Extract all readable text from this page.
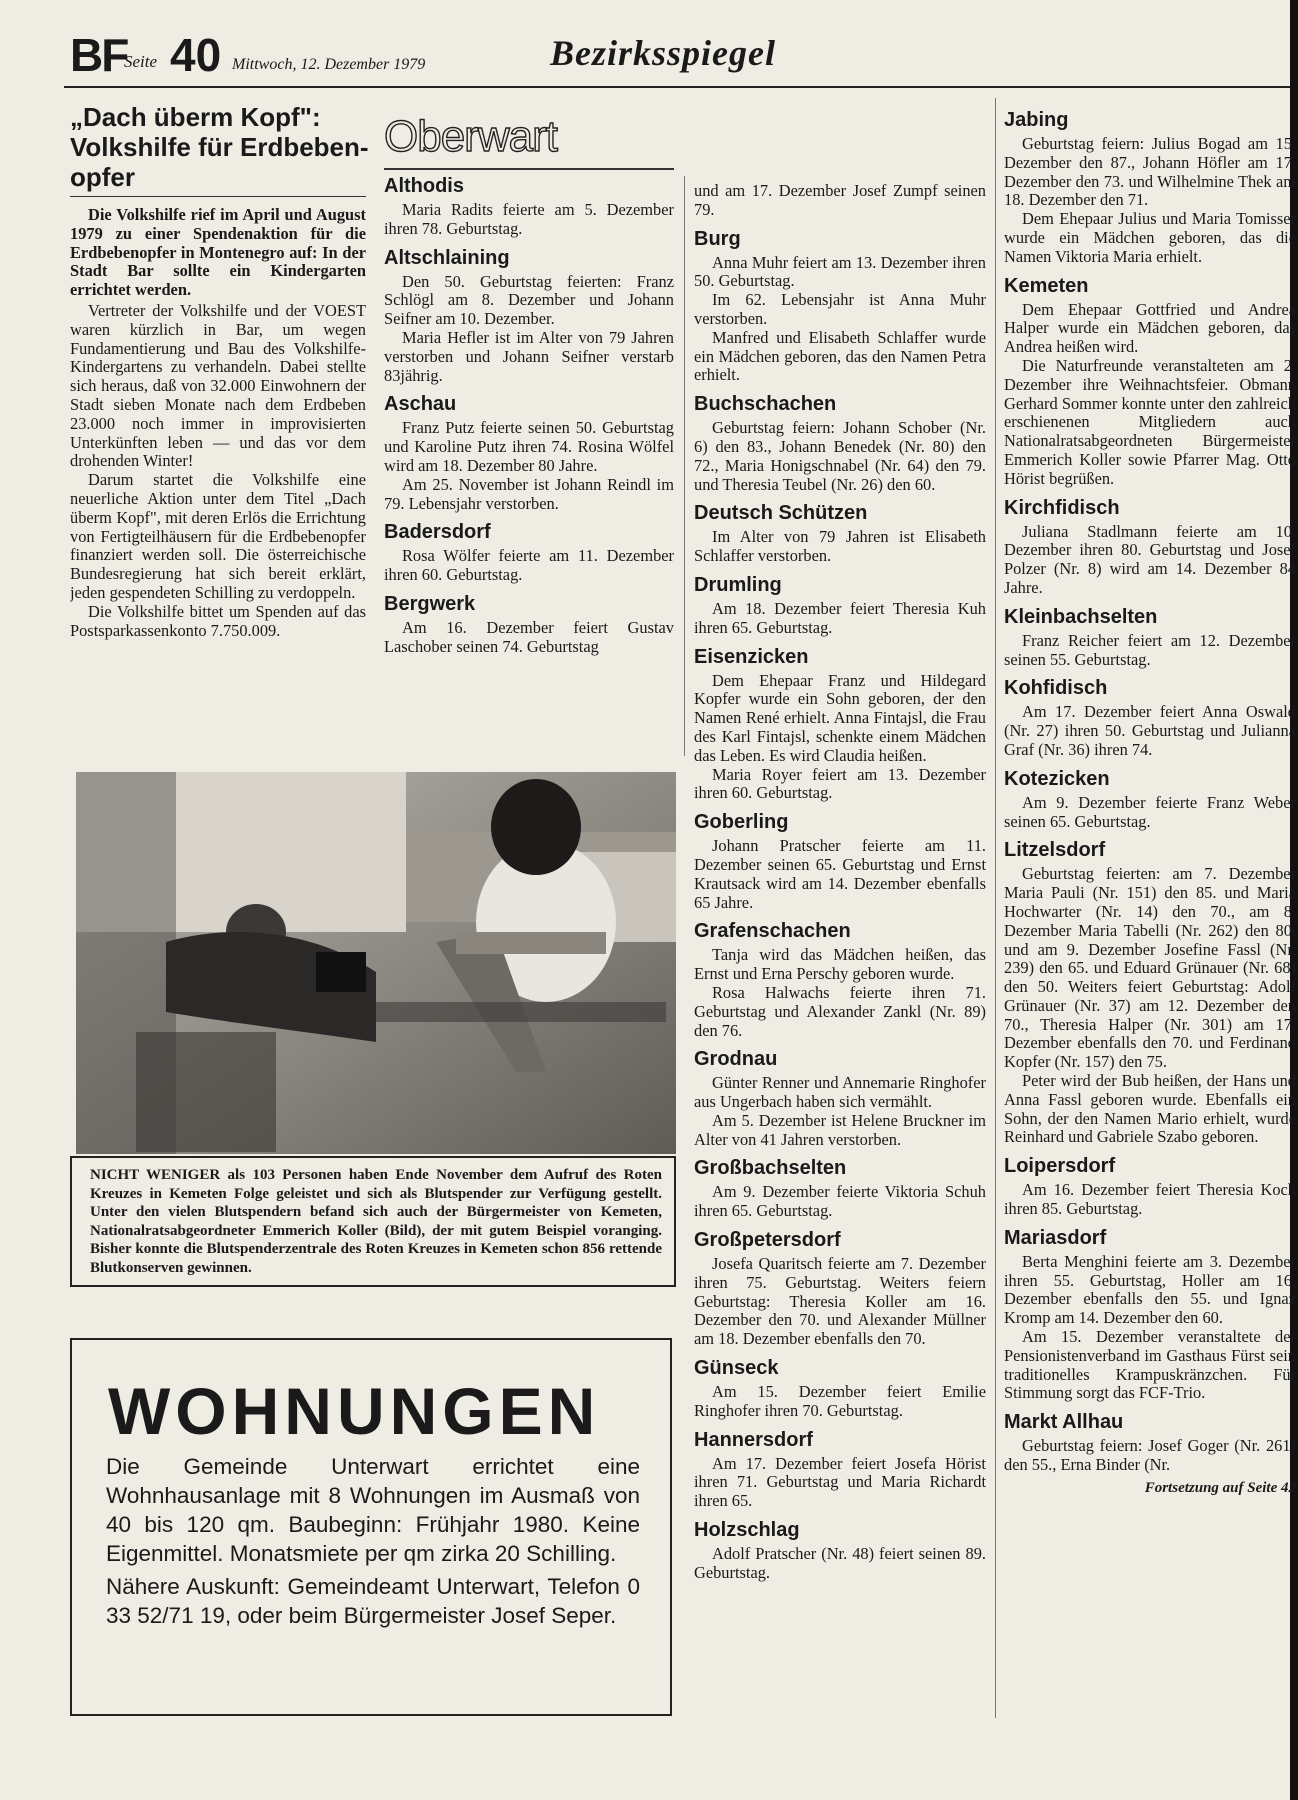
BF
Seite 40 Mittwoch, 12. Dezember 1979	Bezirksspiegel
„Dach überm Kopf": Volkshilfe für Erdbeben-opfer

Die Volkshilfe rief im April und August 1979 zu einer Spendenaktion für die Erdbebenopfer in Montenegro auf: In der Stadt Bar sollte ein Kindergarten errichtet werden.

Vertreter der Volkshilfe und der VOEST waren kürzlich in Bar, um wegen Fundamentierung und Bau des Volkshilfe-Kindergartens zu verhandeln. Dabei stellte sich heraus, daß von 32.000 Einwohnern der Stadt sieben Monate nach dem Erdbeben 23.000 noch immer in improvisierten Unterkünften leben — und das vor dem drohenden Winter!

Darum startet die Volkshilfe eine neuerliche Aktion unter dem Titel „Dach überm Kopf", mit deren Erlös die Errichtung von Fertigteilhäusern für die Erdbebenopfer finanziert werden soll. Die österreichische Bundesregierung hat sich bereit erklärt, jeden gespendeten Schilling zu verdoppeln.

Die Volkshilfe bittet um Spenden auf das Postsparkassenkonto 7.750.009.

Oberwart
Althodis

Maria Radits feierte am 5. Dezember ihren 78. Geburtstag.

Altschlaining

Den 50. Geburtstag feierten: Franz Schlögl am 8. Dezember und Johann Seifner am 10. Dezember.

Maria Hefler ist im Alter von 79 Jahren verstorben und Johann Seifner verstarb 83jährig.

Aschau

Franz Putz feierte seinen 50. Geburtstag und Karoline Putz ihren 74. Rosina Wölfel wird am 18. Dezember 80 Jahre.

Am 25. November ist Johann Reindl im 79. Lebensjahr verstorben.

Badersdorf

Rosa Wölfer feierte am 11. Dezember ihren 60. Geburtstag.

Bergwerk

Am 16. Dezember feiert Gustav Laschober seinen 74. Geburtstag

und am 17. Dezember Josef Zumpf seinen 79.

Burg

Anna Muhr feiert am 13. Dezember ihren 50. Geburtstag.

Im 62. Lebensjahr ist Anna Muhr verstorben.

Manfred und Elisabeth Schlaffer wurde ein Mädchen geboren, das den Namen Petra erhielt.

Buchschachen

Geburtstag feiern: Johann Schober (Nr. 6) den 83., Johann Benedek (Nr. 80) den 72., Maria Honigschnabel (Nr. 64) den 79. und Theresia Teubel (Nr. 26) den 60.

Deutsch Schützen

Im Alter von 79 Jahren ist Elisabeth Schlaffer verstorben.

Drumling

Am 18. Dezember feiert Theresia Kuh ihren 65. Geburtstag.

Eisenzicken

Dem Ehepaar Franz und Hildegard Kopfer wurde ein Sohn geboren, der den Namen René erhielt. Anna Fintajsl, die Frau des Karl Fintajsl, schenkte einem Mädchen das Leben. Es wird Claudia heißen.

Maria Royer feiert am 13. Dezember ihren 60. Geburtstag.

Goberling

Johann Pratscher feierte am 11. Dezember seinen 65. Geburtstag und Ernst Krautsack wird am 14. Dezember ebenfalls 65 Jahre.

Grafenschachen

Tanja wird das Mädchen heißen, das Ernst und Erna Perschy geboren wurde.

Rosa Halwachs feierte ihren 71. Geburtstag und Alexander Zankl (Nr. 89) den 76.

Grodnau

Günter Renner und Annemarie Ringhofer aus Ungerbach haben sich vermählt.

Am 5. Dezember ist Helene Bruckner im Alter von 41 Jahren verstorben.

Großbachselten

Am 9. Dezember feierte Viktoria Schuh ihren 65. Geburtstag.

Großpetersdorf

Josefa Quaritsch feierte am 7. Dezember ihren 75. Geburtstag. Weiters feiern Geburtstag: Theresia Koller am 16. Dezember den 70. und Alexander Müllner am 18. Dezember ebenfalls den 70.

Günseck

Am 15. Dezember feiert Emilie Ringhofer ihren 70. Geburtstag.

Hannersdorf

Am 17. Dezember feiert Josefa Hörist ihren 71. Geburtstag und Maria Richardt ihren 65.

Holzschlag

Adolf Pratscher (Nr. 48) feiert seinen 89. Geburtstag.

Jabing

Geburtstag feiern: Julius Bogad am 15. Dezember den 87., Johann Höfler am 17. Dezember den 73. und Wilhelmine Thek am 18. Dezember den 71.

Dem Ehepaar Julius und Maria Tomisser wurde ein Mädchen geboren, das die Namen Viktoria Maria erhielt.

Kemeten

Dem Ehepaar Gottfried und Andrea Halper wurde ein Mädchen geboren, das Andrea heißen wird.

Die Naturfreunde veranstalteten am 2. Dezember ihre Weihnachtsfeier. Obmann Gerhard Sommer konnte unter den zahlreich erschienenen Mitgliedern auch Nationalratsabgeordneten Bürgermeister Emmerich Koller sowie Pfarrer Mag. Otto Hörist begrüßen.

Kirchfidisch

Juliana Stadlmann feierte am 10. Dezember ihren 80. Geburtstag und Josef Polzer (Nr. 8) wird am 14. Dezember 84 Jahre.

Kleinbachselten

Franz Reicher feiert am 12. Dezember seinen 55. Geburtstag.

Kohfidisch

Am 17. Dezember feiert Anna Oswald (Nr. 27) ihren 50. Geburtstag und Julianna Graf (Nr. 36) ihren 74.

Kotezicken

Am 9. Dezember feierte Franz Weber seinen 65. Geburtstag.

Litzelsdorf

Geburtstag feierten: am 7. Dezember Maria Pauli (Nr. 151) den 85. und Maria Hochwarter (Nr. 14) den 70., am 8. Dezember Maria Tabelli (Nr. 262) den 80. und am 9. Dezember Josefine Fassl (Nr. 239) den 65. und Eduard Grünauer (Nr. 68) den 50. Weiters feiert Geburtstag: Adolf Grünauer (Nr. 37) am 12. Dezember den 70., Theresia Halper (Nr. 301) am 17. Dezember ebenfalls den 70. und Ferdinand Kopfer (Nr. 157) den 75.

Peter wird der Bub heißen, der Hans und Anna Fassl geboren wurde. Ebenfalls ein Sohn, der den Namen Mario erhielt, wurde Reinhard und Gabriele Szabo geboren.

Loipersdorf

Am 16. Dezember feiert Theresia Koch ihren 85. Geburtstag.

Mariasdorf

Berta Menghini feierte am 3. Dezember ihren 55. Geburtstag, Holler am 16. Dezember ebenfalls den 55. und Ignaz Kromp am 14. Dezember den 60.

Am 15. Dezember veranstaltete der Pensionistenverband im Gasthaus Fürst sein traditionelles Krampuskränzchen. Für Stimmung sorgt das FCF-Trio.

Markt Allhau

Geburtstag feiern: Josef Goger (Nr. 261) den 55., Erna Binder (Nr.

Fortsetzung auf Seite 42

NICHT WENIGER als 103 Personen haben Ende November dem Aufruf des Roten Kreuzes in Kemeten Folge geleistet und sich als Blutspender zur Verfügung gestellt. Unter den vielen Blutspendern befand sich auch der Bürgermeister von Kemeten, Nationalratsabgeordneter Emmerich Koller (Bild), der mit gutem Beispiel voranging. Bisher konnte die Blutspenderzentrale des Roten Kreuzes in Kemeten schon 856 rettende Blutkonserven gewinnen.
WOHNUNGEN

Die Gemeinde Unterwart errichtet eine Wohnhausanlage mit 8 Wohnungen im Ausmaß von 40 bis 120 qm. Baubeginn: Frühjahr 1980. Keine Eigenmittel. Monatsmiete per qm zirka 20 Schilling.

Nähere Auskunft: Gemeindeamt Unterwart, Telefon 0 33 52/71 19, oder beim Bürgermeister Josef Seper.
